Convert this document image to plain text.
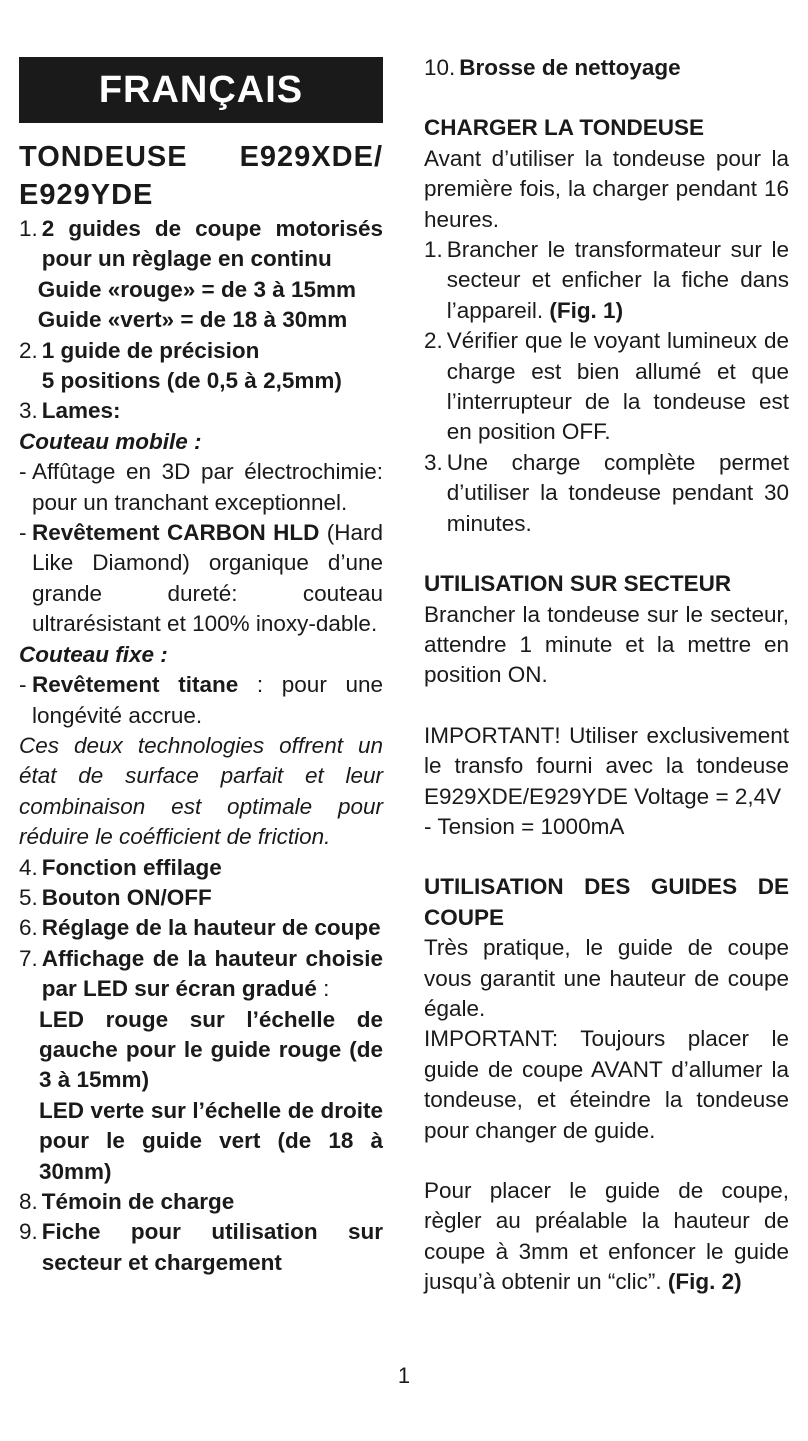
FRANÇAIS
TONDEUSE E929XDE/ E929YDE
1. 2 guides de coupe motorisés pour un règlage en continu
Guide «rouge» = de 3 à 15mm
Guide «vert» = de 18 à 30mm
2. 1 guide de précision
5 positions (de 0,5 à 2,5mm)
3. Lames:
Couteau mobile :
- Affûtage en 3D par électrochimie: pour un tranchant exceptionnel.
- Revêtement CARBON HLD (Hard Like Diamond) organique d’une grande dureté: couteau ultrarésistant et 100% inoxy-dable.
Couteau fixe :
- Revêtement titane : pour une longévité accrue.
Ces deux technologies offrent un état de surface parfait et leur combinaison est optimale pour réduire le coéfficient de friction.
4. Fonction effilage
5. Bouton ON/OFF
6. Réglage de la hauteur de coupe
7. Affichage de la hauteur choisie par LED sur écran gradué :
LED rouge sur l’échelle de gauche pour le guide rouge (de 3 à 15mm)
LED verte sur l’échelle de droite pour le guide vert (de 18 à 30mm)
8. Témoin de charge
9. Fiche pour utilisation sur secteur et chargement
10. Brosse de nettoyage
CHARGER LA TONDEUSE
Avant d’utiliser la tondeuse pour la première fois, la charger pendant 16 heures.
1. Brancher le transformateur sur le secteur et enficher la fiche dans l’appareil. (Fig. 1)
2. Vérifier que le voyant lumineux de charge est bien allumé et que l’interrupteur de la tondeuse est en position OFF.
3. Une charge complète permet d’utiliser la tondeuse pendant 30 minutes.
UTILISATION SUR SECTEUR
Brancher la tondeuse sur le secteur, attendre 1 minute et la mettre en position ON.
IMPORTANT! Utiliser exclusivement le transfo fourni avec la tondeuse E929XDE/E929YDE Voltage = 2,4V
- Tension = 1000mA
UTILISATION DES GUIDES DE COUPE
Très pratique, le guide de coupe vous garantit une hauteur de coupe égale.
IMPORTANT: Toujours placer le guide de coupe AVANT d’allumer la tondeuse, et éteindre la tondeuse pour changer de guide.
Pour placer le guide de coupe, règler au préalable la hauteur de coupe à 3mm et enfoncer le guide jusqu’à obtenir un “clic”. (Fig. 2)
1
